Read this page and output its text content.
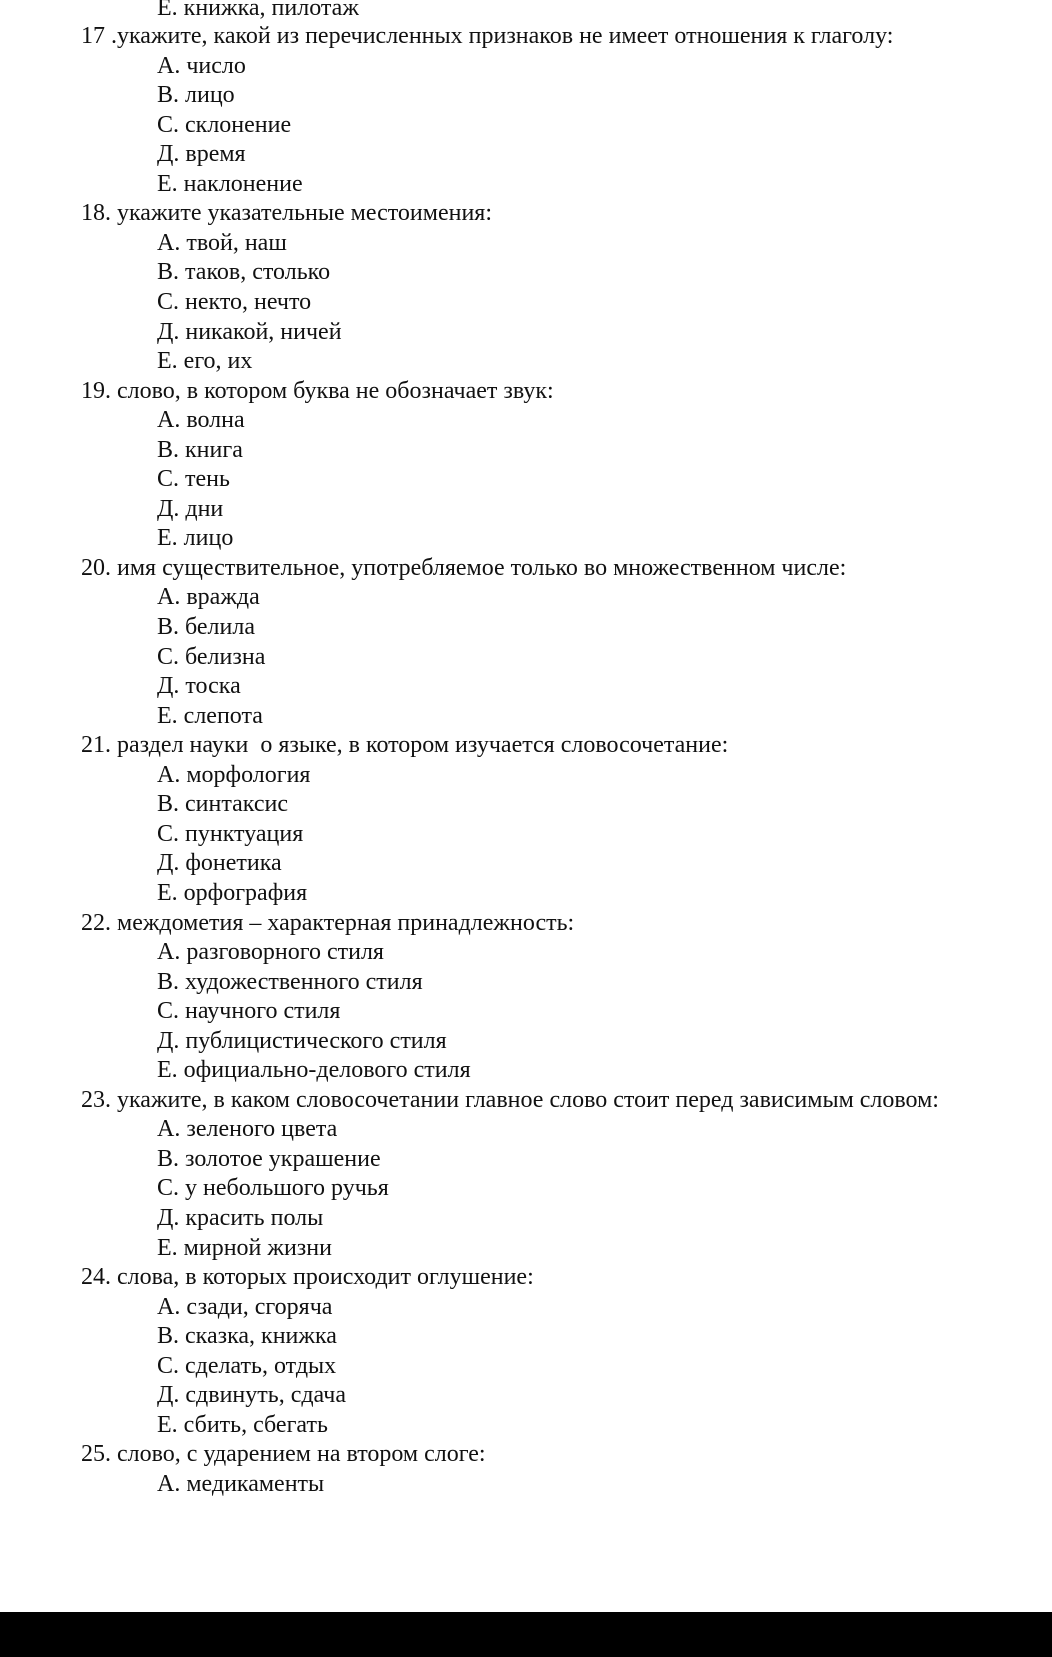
Е. книжка, пилотаж
17 .укажите, какой из перечисленных признаков не имеет отношения к глаголу:
А. число
В. лицо
С. склонение
Д. время
Е. наклонение
18. укажите указательные местоимения:
А. твой, наш
В. таков, столько
С. некто, нечто
Д. никакой, ничей
Е. его, их
19. слово, в котором буква не обозначает звук:
А. волна
В. книга
С. тень
Д. дни
Е. лицо
20. имя существительное, употребляемое только во множественном числе:
А. вражда
В. белила
С. белизна
Д. тоска
Е. слепота
21. раздел науки  о языке, в котором изучается словосочетание:
А. морфология
В. синтаксис
С. пунктуация
Д. фонетика
Е. орфография
22. междометия – характерная принадлежность:
А. разговорного стиля
В. художественного стиля
С. научного стиля
Д. публицистического стиля
Е. официально-делового стиля
23. укажите, в каком словосочетании главное слово стоит перед зависимым словом:
А. зеленого цвета
В. золотое украшение
С. у небольшого ручья
Д. красить полы
Е. мирной жизни
24. слова, в которых происходит оглушение:
А. сзади, сгоряча
В. сказка, книжка
С. сделать, отдых
Д. сдвинуть, сдача
Е. сбить, сбегать
25. слово, с ударением на втором слоге:
А. медикаменты
